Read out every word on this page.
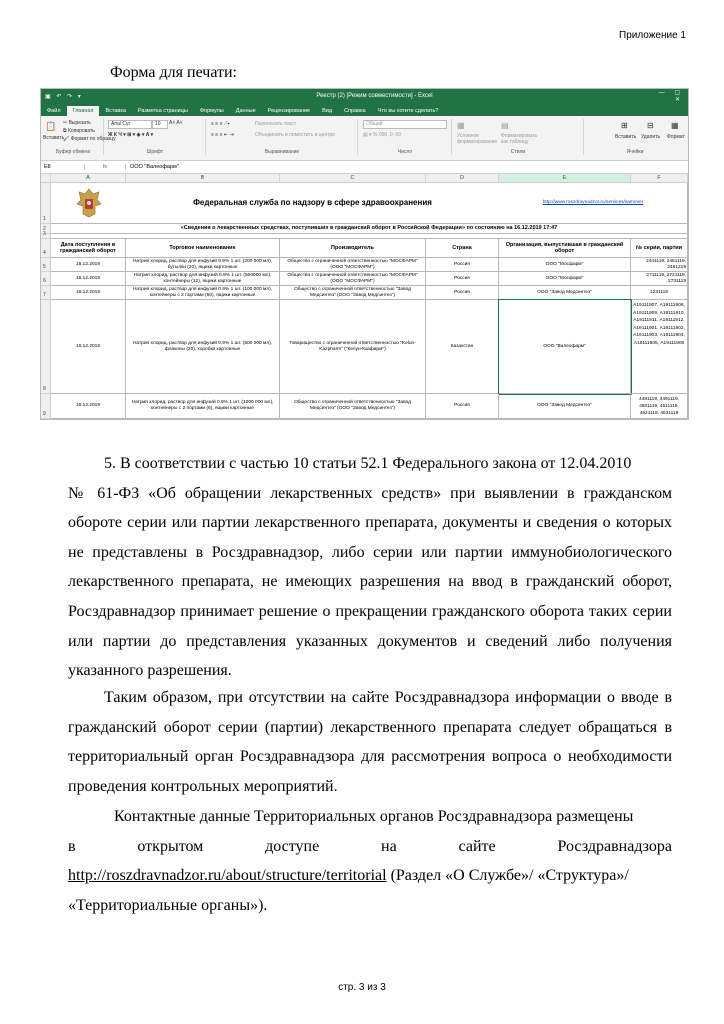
Приложение 1
Форма для печати:
▣ ↶ ↷ ▾	Реестр (2) [Режим совместимости] - Excel	— ▢ ✕
Файл	Главная	Вставка	Разметка страницы	Формулы	Данные	Рецензирование	Вид	Справка	Что вы хотите сделать?
📋
Вставить
✂ Вырезать
⧉ Копировать
🖌 Формат по образцу
Буфер обмена
Arial Cyr	10	A˄ A˅
Ж К Ч ▾ ⊞ ▾ ◈ ▾ A ▾
Шрифт
≡ ≡ ≡ ⟋▾
≡ ≡ ≡ ⇤ ⇥
Переносить текст
Объединить и поместить в центре
Выравнивание
Общий
▤ ▾ % 000 ,0 ,00
Число
▦
Условное форматирование
▤
Форматировать как таблицу
Стили
⊞
Вставить
⊟
Удалить
▦
Формат
Ячейки
E8	fx	ООО "Валеофарм"
A	B	C	D	E	F
1
2
3
4
5
6
7
8
9
Федеральная служба по надзору в сфере здравоохранения	http://www.roszdravnadzor.ru/services/samover
«Сведения о лекарственных средствах, поступивших в гражданский оборот в Российской Федерации» по состоянию на 16.12.2019 17:47
Дата поступления в гражданский оборот
Торговое наименование	Производитель	Страна
Организация, выпустившая в гражданский оборот
№ серии, партии
16.12.2019
Натрия хлорид, раствор для инфузий 0.9% 1 шт. (200 000 мл), бутылки (20), ящики картонные
Общество с ограниченной ответственностью "МОСФАРМ" (ООО "МОСФАРМ")
Россия	ООО "Мосфарм"
2441119, 2451119, 2461219
16.12.2019
Натрия хлорид, раствор для инфузий 0.9% 1 шт. (500000 мл), контейнеры (12), ящики картонные
Общество с ограниченной ответственностью "МОСФАРМ" (ООО "МОСФАРМ")
Россия	ООО "Мосфарм"
2711119, 2721119, 2731119
16.12.2019
Натрия хлорид, раствор для инфузий 0.9% 1 шт. (100 000 мл), контейнеры с 2 портами (50), ящики картонные
Общество с ограниченной ответственностью "Завод Медсинтез" (ООО "Завод Медсинтез")
Россия	ООО "Завод Медсинтез"	1231119
16.12.2019
Натрия хлорид, раствор для инфузий 0.9% 1 шт. (500 000 мл), флаконы (20), коробки картонные
Товарищество с ограниченной ответственностью "Kelun-Kazpharm" ("Келун-Казфарм")
Казахстан	ООО "Валеофарм"
А19111907, А19111908, А19111909, А19111910, А19111911, А19111912, А19111901, А19111902, А19111903, А19111904, А19111905, А19111906
16.12.2019
Натрия хлорид, раствор для инфузий 0.9% 1 шт. (1000 000 мл), контейнеры с 2 портами (6), ящики картонные
Общество с ограниченной ответственностью "Завод Медсинтез" (ООО "Завод Медсинтез")
Россия	ООО "Завод Медсинтез"
4481119, 4491119, 4501119, 4511119, 4521119, 4531119
5. В соответствии с частью 10 статьи 52.1 Федерального закона от 12.04.2010
№ 61-ФЗ «Об обращении лекарственных средств» при выявлении в гражданском обороте серии или партии лекарственного препарата, документы и сведения о которых не представлены в Росздравнадзор, либо серии или партии иммунобиологического лекарственного препарата, не имеющих разрешения на ввод в гражданский оборот, Росздравнадзор принимает решение о прекращении гражданского оборота таких серии или партии до представления указанных документов и сведений либо получения указанного разрешения.
Таким образом, при отсутствии на сайте Росздравнадзора информации о вводе в гражданский оборот серии (партии) лекарственного препарата следует обращаться в территориальный орган Росздравнадзора для рассмотрения вопроса о необходимости проведения контрольных мероприятий.
Контактные данные Территориальных органов Росздравнадзора размещены
в	открытом	доступе	на	сайте	Росздравнадзора
http://roszdravnadzor.ru/about/structure/territorial (Раздел «О Службе»/ «Структура»/ «Территориальные органы»).
стр. 3 из 3
